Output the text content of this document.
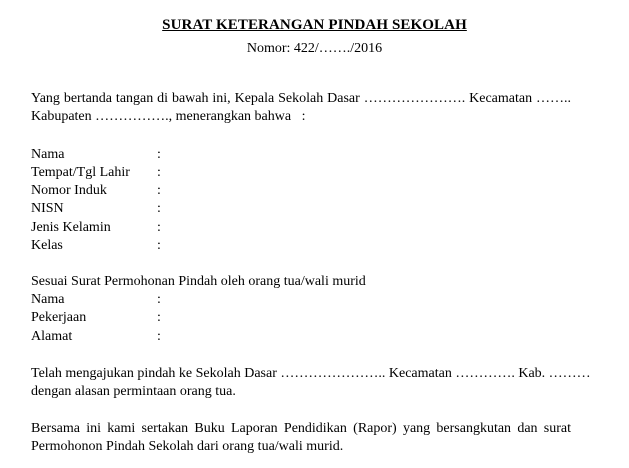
SURAT KETERANGAN PINDAH SEKOLAH
Nomor: 422/……./2016
Yang bertanda tangan di bawah ini, Kepala Sekolah Dasar …………………. Kecamatan ……..
Kabupaten ……………., menerangkan bahwa   :
Nama	:
Tempat/Tgl Lahir :
Nomor Induk	:
NISN	:
Jenis Kelamin	:
Kelas	:
Sesuai Surat Permohonan Pindah oleh orang tua/wali murid
Nama	:
Pekerjaan	:
Alamat	:
Telah mengajukan pindah ke Sekolah Dasar ………………….. Kecamatan …………. Kab. ………
dengan alasan permintaan orang tua.
Bersama ini kami sertakan Buku Laporan Pendidikan (Rapor) yang bersangkutan dan surat
Permohonon Pindah Sekolah dari orang tua/wali murid.
